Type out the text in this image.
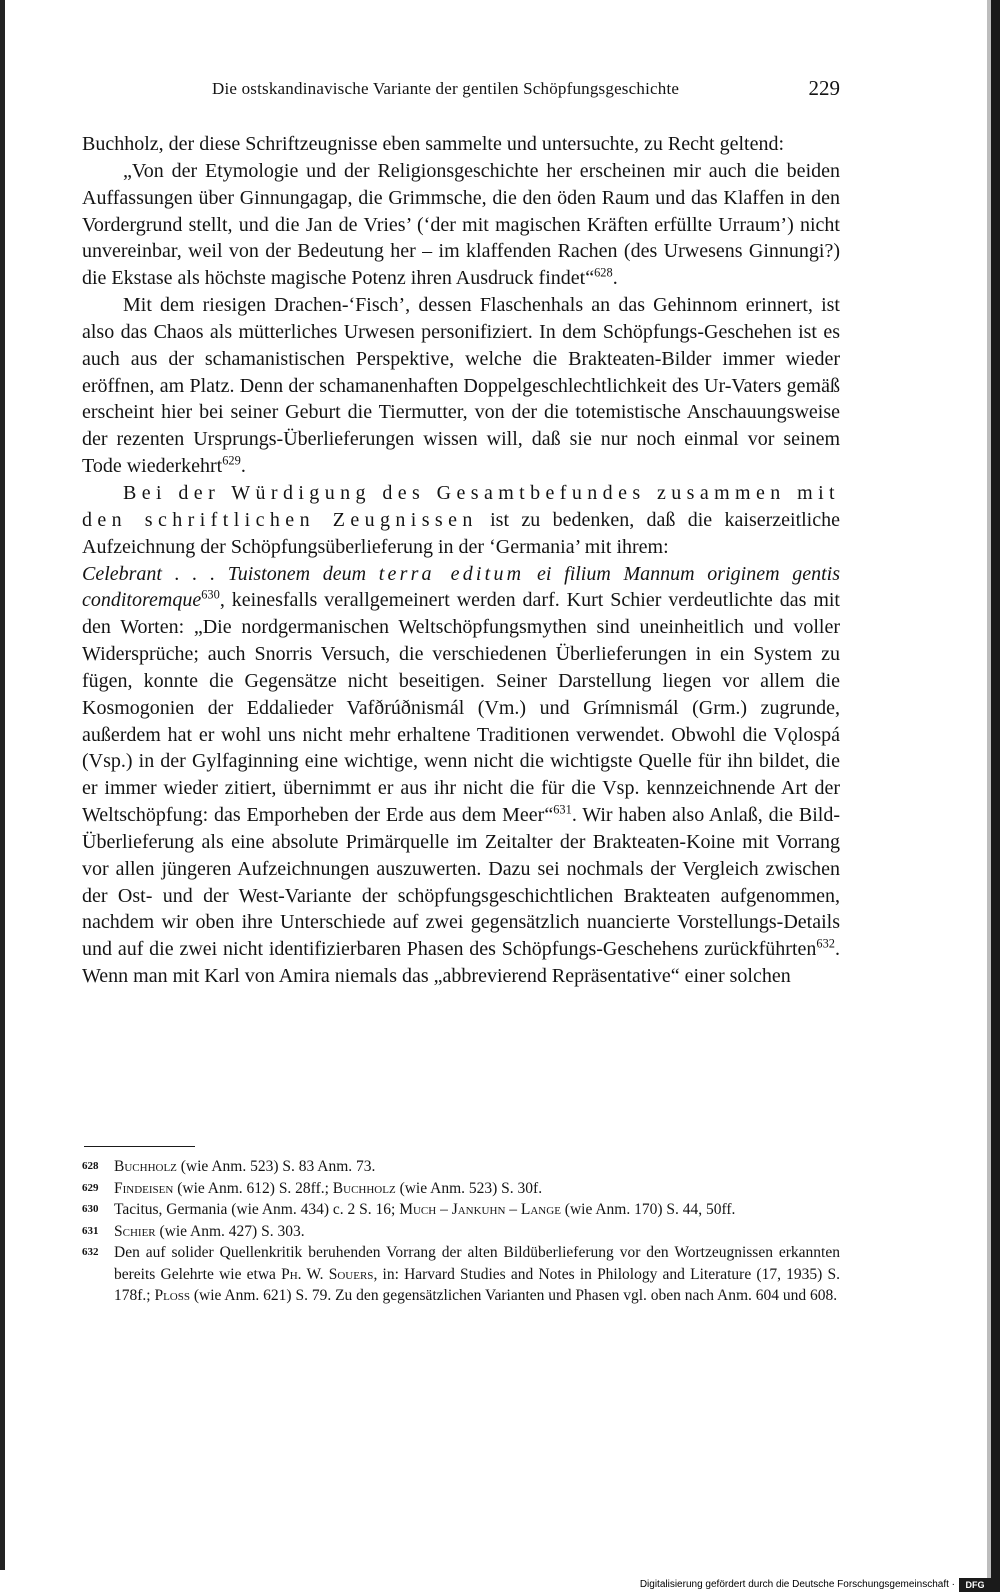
Die ostskandinavische Variante der gentilen Schöpfungsgeschichte	229

Buchholz, der diese Schriftzeugnisse eben sammelte und untersuchte, zu Recht geltend:

„Von der Etymologie und der Religionsgeschichte her erscheinen mir auch die beiden Auffassungen über Ginnungagap, die Grimmsche, die den öden Raum und das Klaffen in den Vordergrund stellt, und die Jan de Vries’ (‘der mit magischen Kräften erfüllte Urraum’) nicht unvereinbar, weil von der Bedeutung her – im klaffenden Rachen (des Urwesens Ginnungi?) die Ekstase als höchste magische Potenz ihren Ausdruck findet“$^{628}$.

Mit dem riesigen Drachen-‘Fisch’, dessen Flaschenhals an das Gehinnom erinnert, ist also das Chaos als mütterliches Urwesen personifiziert. In dem Schöpfungs-Geschehen ist es auch aus der schamanistischen Perspektive, welche die Brakteaten-Bilder immer wieder eröffnen, am Platz. Denn der schamanenhaften Doppelgeschlechtlichkeit des Ur-Vaters gemäß erscheint hier bei seiner Geburt die Tiermutter, von der die totemistische Anschauungsweise der rezenten Ursprungs-Überlieferungen wissen will, daß sie nur noch einmal vor seinem Tode wiederkehrt$^{629}$.

Bei der Würdigung des Gesamtbefundes zusammen mit den schriftlichen Zeugnissen ist zu bedenken, daß die kaiserzeitliche Aufzeichnung der Schöpfungsüberlieferung in der ‘Germania’ mit ihrem:

Celebrant . . . Tuistonem deum terra editum ei filium Mannum originem gentis conditoremque$^{630}$, keinesfalls verallgemeinert werden darf. Kurt Schier verdeutlichte das mit den Worten: „Die nordgermanischen Weltschöpfungsmythen sind uneinheitlich und voller Widersprüche; auch Snorris Versuch, die verschiedenen Überlieferungen in ein System zu fügen, konnte die Gegensätze nicht beseitigen. Seiner Darstellung liegen vor allem die Kosmogonien der Eddalieder Vafðrúðnismál (Vm.) und Grímnismál (Grm.) zugrunde, außerdem hat er wohl uns nicht mehr erhaltene Traditionen verwendet. Obwohl die Vǫlospá (Vsp.) in der Gylfaginning eine wichtige, wenn nicht die wichtigste Quelle für ihn bildet, die er immer wieder zitiert, übernimmt er aus ihr nicht die für die Vsp. kennzeichnende Art der Weltschöpfung: das Emporheben der Erde aus dem Meer“$^{631}$. Wir haben also Anlaß, die Bild-Überlieferung als eine absolute Primärquelle im Zeitalter der Brakteaten-Koine mit Vorrang vor allen jüngeren Aufzeichnungen auszuwerten. Dazu sei nochmals der Vergleich zwischen der Ost- und der West-Variante der schöpfungsgeschichtlichen Brakteaten aufgenommen, nachdem wir oben ihre Unterschiede auf zwei gegensätzlich nuancierte Vorstellungs-Details und auf die zwei nicht identifizierbaren Phasen des Schöpfungs-Geschehens zurückführten$^{632}$. Wenn man mit Karl von Amira niemals das „abbrevierend Repräsentative“ einer solchen

628 Buchholz (wie Anm. 523) S. 83 Anm. 73.
629 Findeisen (wie Anm. 612) S. 28ff.; Buchholz (wie Anm. 523) S. 30f.
630 Tacitus, Germania (wie Anm. 434) c. 2 S. 16; Much – Jankuhn – Lange (wie Anm. 170) S. 44, 50ff.
631 Schier (wie Anm. 427) S. 303.
632 Den auf solider Quellenkritik beruhenden Vorrang der alten Bildüberlieferung vor den Wortzeugnissen erkannten bereits Gelehrte wie etwa Ph. W. Souers, in: Harvard Studies and Notes in Philology and Literature (17, 1935) S. 178f.; Ploss (wie Anm. 621) S. 79. Zu den gegensätzlichen Varianten und Phasen vgl. oben nach Anm. 604 und 608.
Digitalisierung gefördert durch die Deutsche Forschungsgemeinschaft ·	DFG
